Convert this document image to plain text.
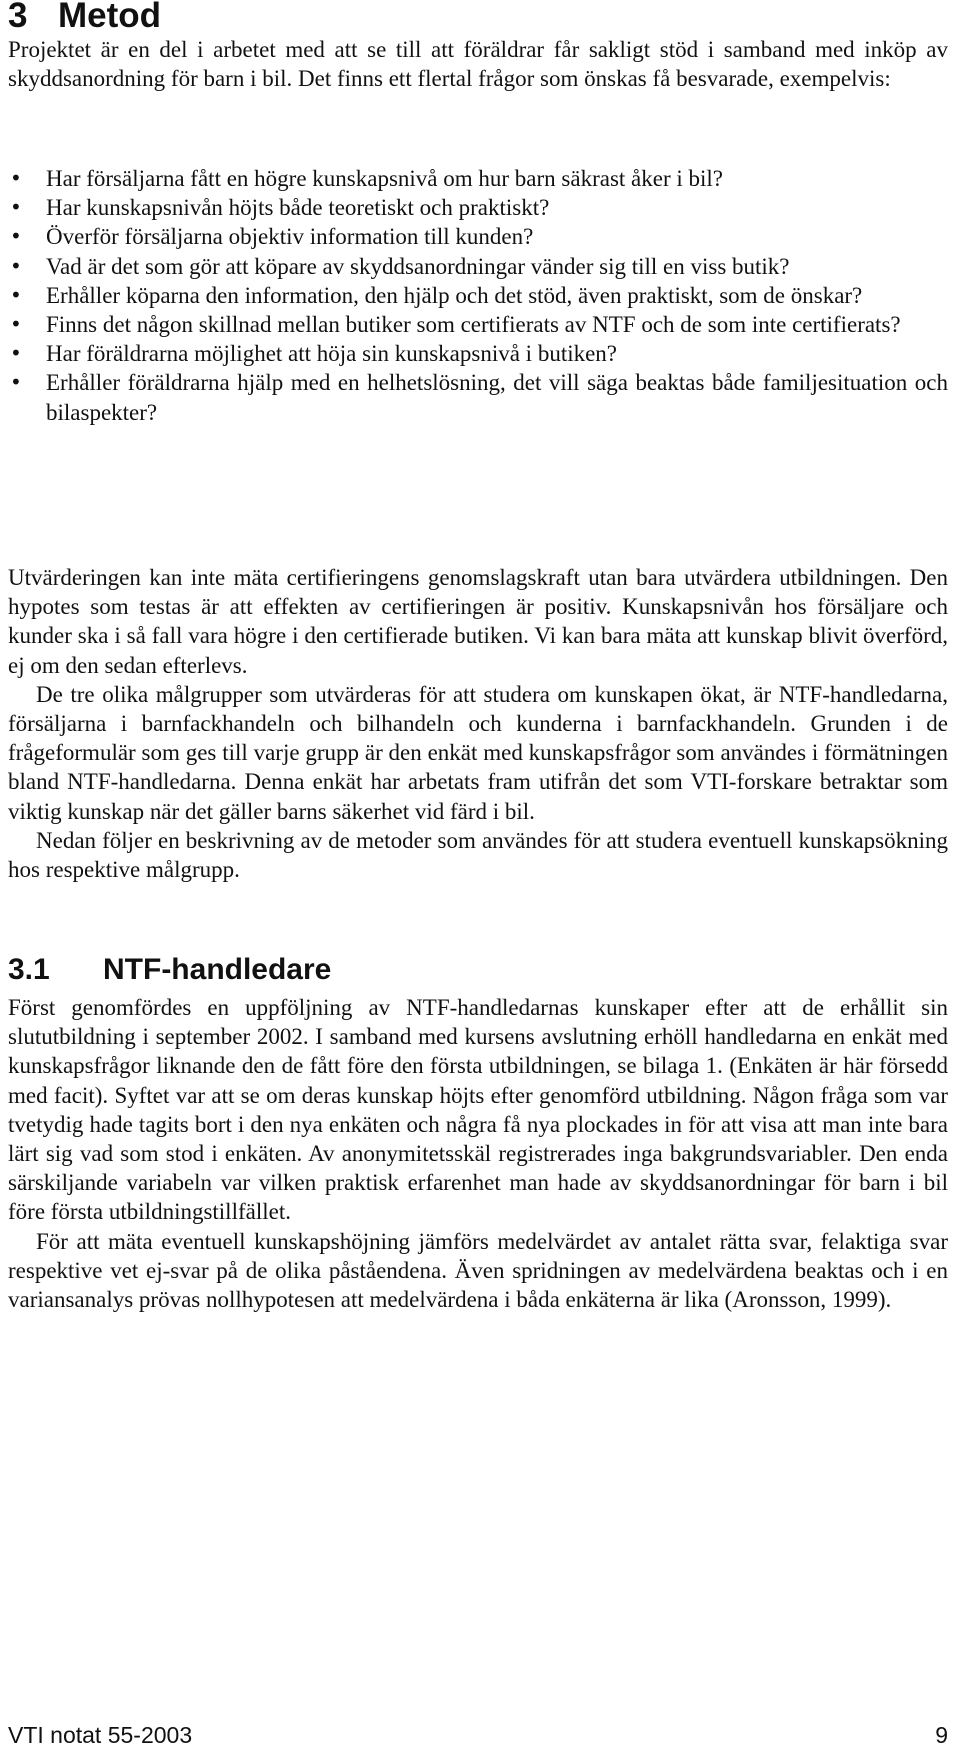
3 Metod

Projektet är en del i arbetet med att se till att föräldrar får sakligt stöd i samband med inköp av skyddsanordning för barn i bil. Det finns ett flertal frågor som önskas få besvarade, exempelvis:

• Har försäljarna fått en högre kunskapsnivå om hur barn säkrast åker i bil?
• Har kunskapsnivån höjts både teoretiskt och praktiskt?
• Överför försäljarna objektiv information till kunden?
• Vad är det som gör att köpare av skyddsanordningar vänder sig till en viss butik?
• Erhåller köparna den information, den hjälp och det stöd, även praktiskt, som de önskar?
• Finns det någon skillnad mellan butiker som certifierats av NTF och de som inte certifierats?
• Har föräldrarna möjlighet att höja sin kunskapsnivå i butiken?
• Erhåller föräldrarna hjälp med en helhetslösning, det vill säga beaktas både familjesituation och bilaspekter?

Utvärderingen kan inte mäta certifieringens genomslagskraft utan bara utvärdera utbildningen. Den hypotes som testas är att effekten av certifieringen är positiv. Kunskapsnivån hos försäljare och kunder ska i så fall vara högre i den certifierade butiken. Vi kan bara mäta att kunskap blivit överförd, ej om den sedan efterlevs.

De tre olika målgrupper som utvärderas för att studera om kunskapen ökat, är NTF-handledarna, försäljarna i barnfackhandeln och bilhandeln och kunderna i barnfackhandeln. Grunden i de frågeformulär som ges till varje grupp är den enkät med kunskapsfrågor som användes i förmätningen bland NTF-handledarna. Denna enkät har arbetats fram utifrån det som VTI-forskare betraktar som viktig kunskap när det gäller barns säkerhet vid färd i bil.

Nedan följer en beskrivning av de metoder som användes för att studera eventuell kunskapsökning hos respektive målgrupp.

3.1 NTF-handledare

Först genomfördes en uppföljning av NTF-handledarnas kunskaper efter att de erhållit sin slututbildning i september 2002. I samband med kursens avslutning erhöll handledarna en enkät med kunskapsfrågor liknande den de fått före den första utbildningen, se bilaga 1. (Enkäten är här försedd med facit). Syftet var att se om deras kunskap höjts efter genomförd utbildning. Någon fråga som var tvetydig hade tagits bort i den nya enkäten och några få nya plockades in för att visa att man inte bara lärt sig vad som stod i enkäten. Av anonymitetsskäl registrerades inga bakgrundsvariabler. Den enda särskiljande variabeln var vilken praktisk erfarenhet man hade av skyddsanordningar för barn i bil före första utbildningstillfället.

För att mäta eventuell kunskapshöjning jämförs medelvärdet av antalet rätta svar, felaktiga svar respektive vet ej-svar på de olika påståendena. Även spridningen av medelvärdena beaktas och i en variansanalys prövas nollhypotesen att medelvärdena i båda enkäterna är lika (Aronsson, 1999).

VTI notat 55-2003	9
